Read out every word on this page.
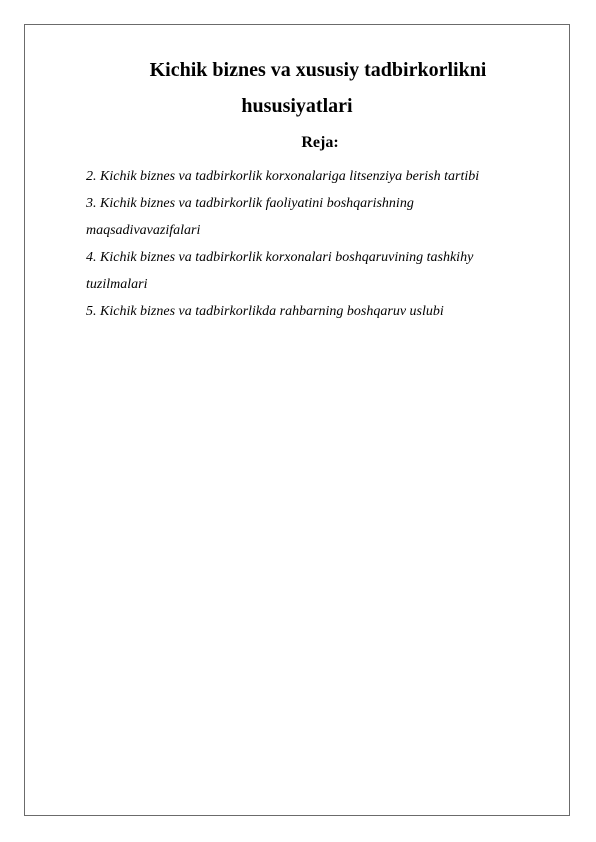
Kichik biznes va xususiy tadbirkorlikni
hususiyatlari
Reja:
2. Kichik biznes va tadbirkorlik korxonalariga litsenziya berish tartibi
3. Kichik biznes va tadbirkorlik faoliyatini boshqarishning
maqsadivavazifalari
4. Kichik biznes va tadbirkorlik korxonalari boshqaruvining tashkihy
tuzilmalari
5. Kichik biznes va tadbirkorlikda rahbarning boshqaruv uslubi
